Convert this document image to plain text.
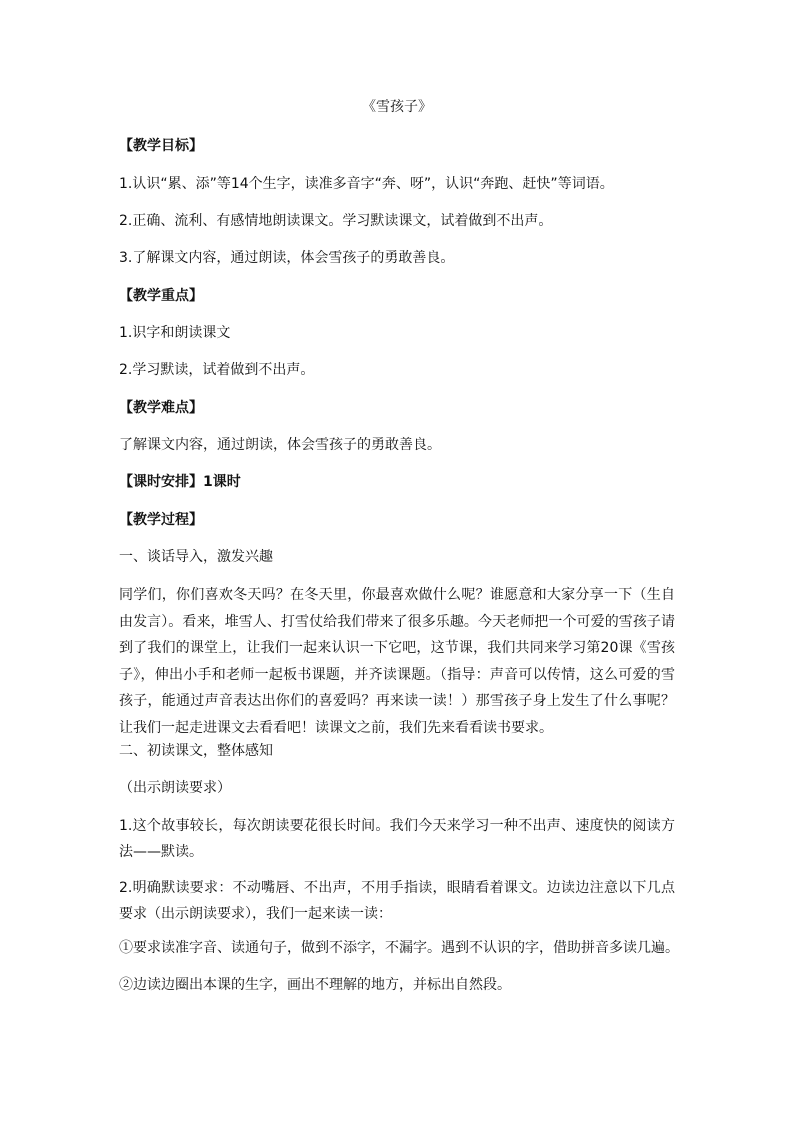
《雪孩子》

【教学目标】

1.认识“累、添”等14个生字，读准多音字“奔、呀”，认识“奔跑、赶快”等词语。

2.正确、流利、有感情地朗读课文。学习默读课文，试着做到不出声。

3.了解课文内容，通过朗读，体会雪孩子的勇敢善良。

【教学重点】

1.识字和朗读课文

2.学习默读，试着做到不出声。

【教学难点】

了解课文内容，通过朗读，体会雪孩子的勇敢善良。

【课时安排】1课时

【教学过程】

一、谈话导入，激发兴趣

同学们，你们喜欢冬天吗？在冬天里，你最喜欢做什么呢？谁愿意和大家分享一下（生自由发言）。看来，堆雪人、打雪仗给我们带来了很多乐趣。今天老师把一个可爱的雪孩子请到了我们的课堂上，让我们一起来认识一下它吧，这节课，我们共同来学习第20课《雪孩子》，伸出小手和老师一起板书课题，并齐读课题。（指导：声音可以传情，这么可爱的雪孩子，能通过声音表达出你们的喜爱吗？再来读一读！）那雪孩子身上发生了什么事呢？让我们一起走进课文去看看吧！读课文之前，我们先来看看读书要求。

二、初读课文，整体感知

（出示朗读要求）

1.这个故事较长，每次朗读要花很长时间。我们今天来学习一种不出声、速度快的阅读方法——默读。

2.明确默读要求：不动嘴唇、不出声，不用手指读，眼睛看着课文。边读边注意以下几点要求（出示朗读要求），我们一起来读一读：

①要求读准字音、读通句子，做到不添字，不漏字。遇到不认识的字，借助拼音多读几遍。

②边读边圈出本课的生字，画出不理解的地方，并标出自然段。
